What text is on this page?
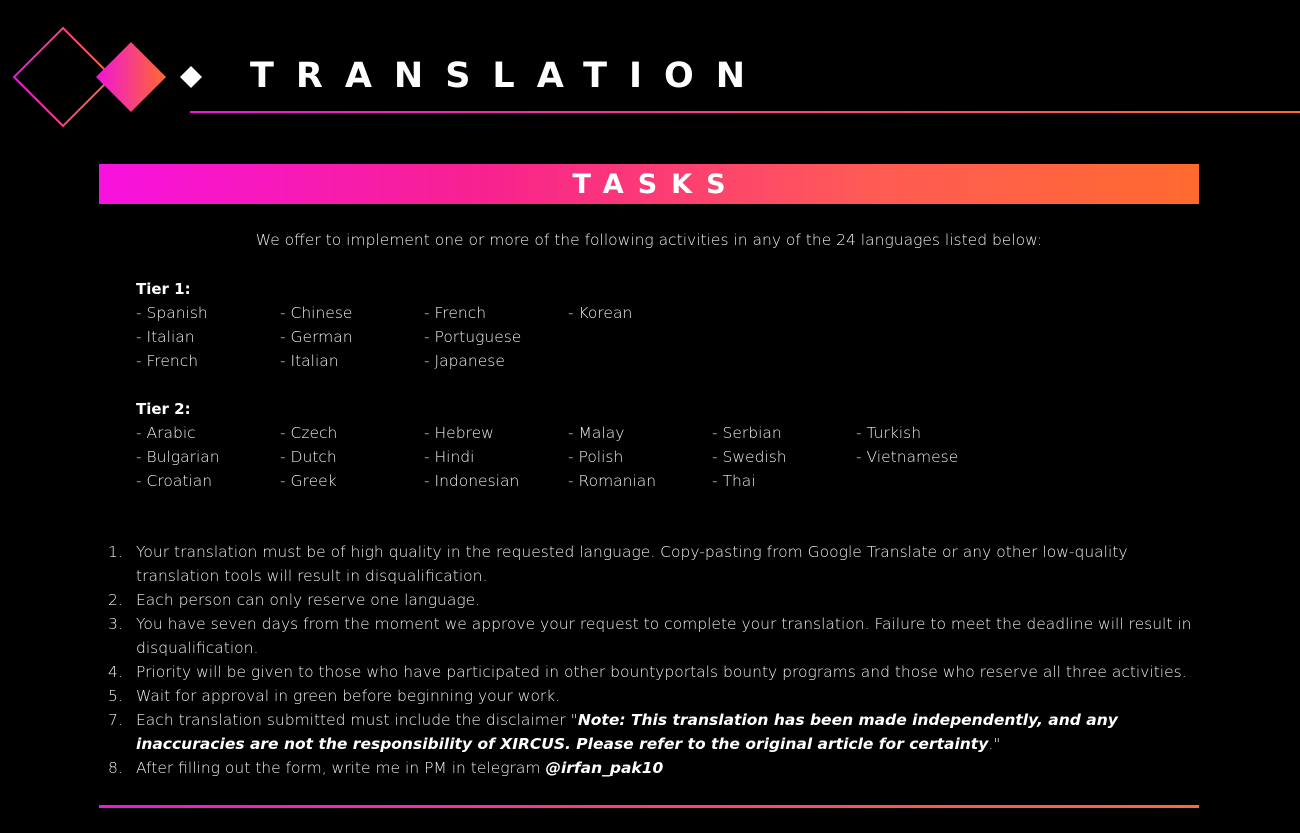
TRANSLATION
TASKS
We offer to implement one or more of the following activities in any of the 24 languages listed below:
Tier 1:
- Spanish	- Chinese	- French	- Korean
- Italian	- German	- Portuguese
- French	- Italian	- Japanese
Tier 2:
- Arabic	- Czech	- Hebrew	- Malay	- Serbian	- Turkish
- Bulgarian	- Dutch	- Hindi	- Polish	- Swedish	- Vietnamese
- Croatian	- Greek	- Indonesian	- Romanian	- Thai
1. Your translation must be of high quality in the requested language. Copy-pasting from Google Translate or any other low-quality translation tools will result in disqualification.
2. Each person can only reserve one language.
3. You have seven days from the moment we approve your request to complete your translation. Failure to meet the deadline will result in disqualification.
4. Priority will be given to those who have participated in other bountyportals bounty programs and those who reserve all three activities.
5. Wait for approval in green before beginning your work.
7. Each translation submitted must include the disclaimer "Note: This translation has been made independently, and any inaccuracies are not the responsibility of XIRCUS. Please refer to the original article for certainty."
8. After filling out the form, write me in PM in telegram @irfan_pak10
